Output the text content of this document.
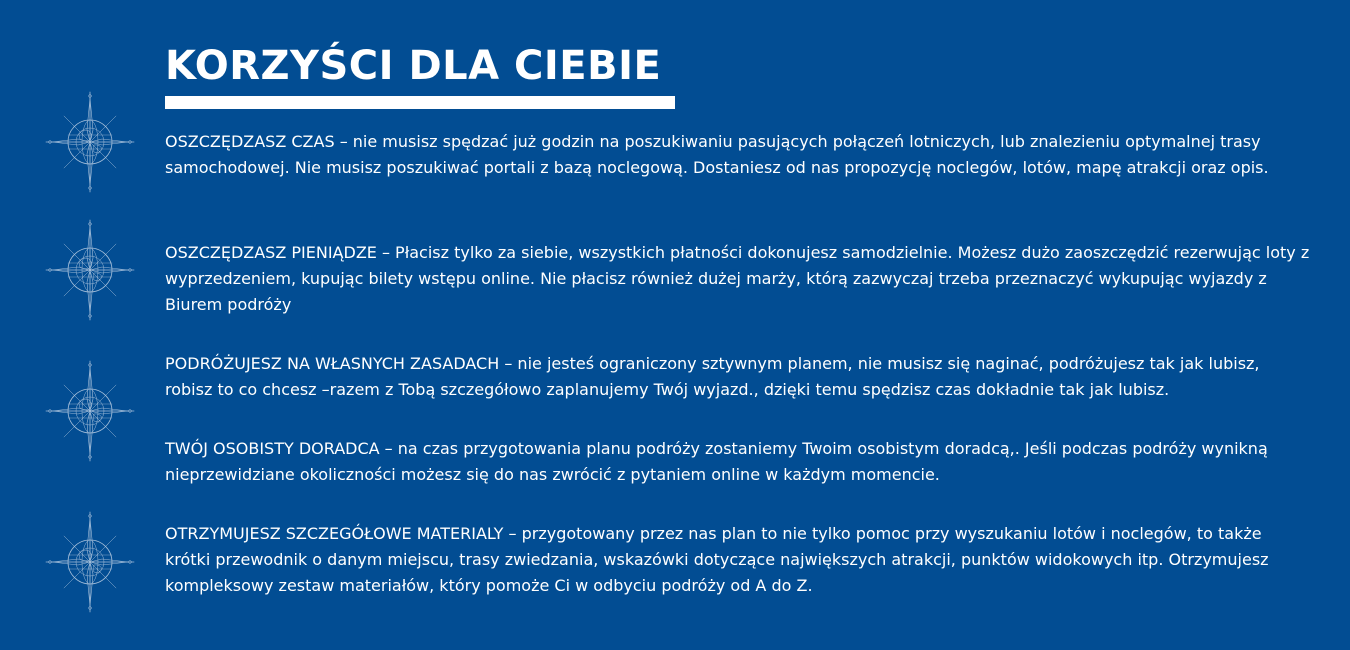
KORZYŚCI DLA CIEBIE

OSZCZĘDZASZ CZAS – nie musisz spędzać już godzin na poszukiwaniu pasujących połączeń lotniczych, lub znalezieniu optymalnej trasy samochodowej. Nie musisz poszukiwać portali z bazą noclegową. Dostaniesz od nas propozycję noclegów, lotów, mapę atrakcji oraz opis.

OSZCZĘDZASZ PIENIĄDZE – Płacisz tylko za siebie, wszystkich płatności dokonujesz samodzielnie. Możesz dużo zaoszczędzić rezerwując loty z wyprzedzeniem, kupując bilety wstępu online. Nie płacisz również dużej marży, którą zazwyczaj trzeba przeznaczyć wykupując wyjazdy z Biurem podróży

PODRÓŻUJESZ NA WŁASNYCH ZASADACH – nie jesteś ograniczony sztywnym planem, nie musisz się naginać, podróżujesz tak jak lubisz, robisz to co chcesz –razem z Tobą szczegółowo zaplanujemy Twój wyjazd., dzięki temu spędzisz czas dokładnie tak jak lubisz.

TWÓJ OSOBISTY DORADCA – na czas przygotowania planu podróży zostaniemy Twoim osobistym doradcą,. Jeśli podczas podróży wynikną nieprzewidziane okoliczności możesz się do nas zwrócić z pytaniem online w każdym momencie.

OTRZYMUJESZ SZCZEGÓŁOWE MATERIALY – przygotowany przez nas plan to nie tylko pomoc przy wyszukaniu lotów i noclegów, to także krótki przewodnik o danym miejscu, trasy zwiedzania, wskazówki dotyczące największych atrakcji, punktów widokowych itp. Otrzymujesz kompleksowy zestaw materiałów, który pomoże Ci w odbyciu podróży od A do Z.
